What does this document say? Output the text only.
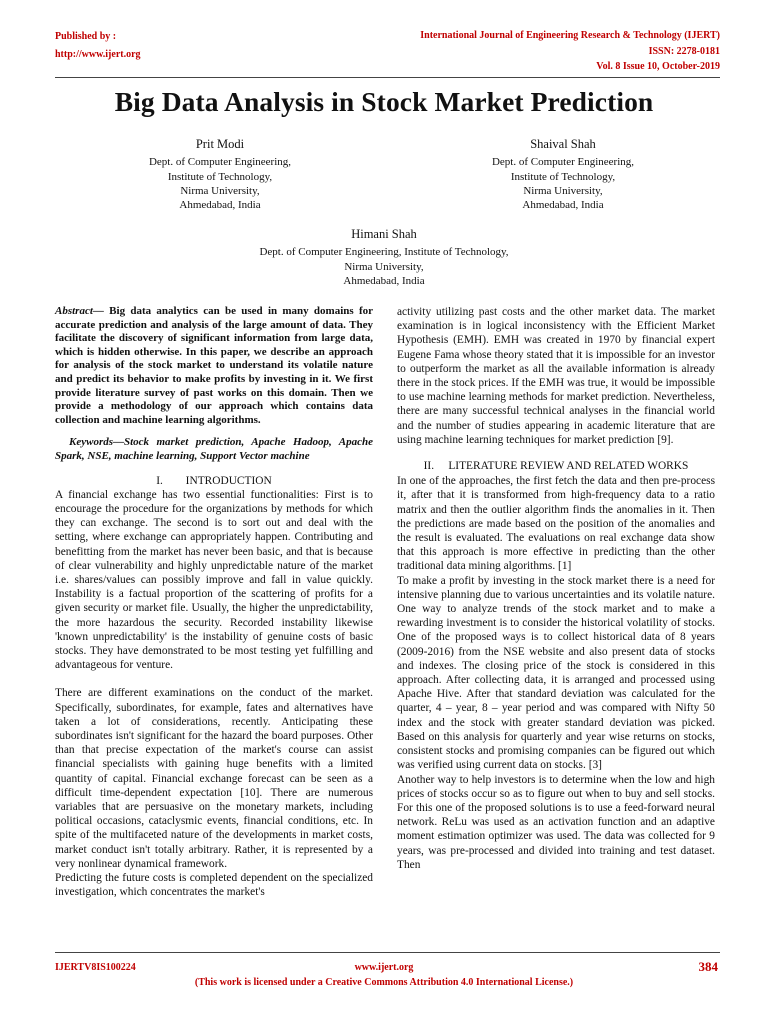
Published by :
http://www.ijert.org
International Journal of Engineering Research & Technology (IJERT)
ISSN: 2278-0181
Vol. 8 Issue 10, October-2019
Big Data Analysis in Stock Market Prediction
Prit Modi
Dept. of Computer Engineering,
Institute of Technology,
Nirma University,
Ahmedabad, India
Shaival Shah
Dept. of Computer Engineering,
Institute of Technology,
Nirma University,
Ahmedabad, India
Himani Shah
Dept. of Computer Engineering, Institute of Technology,
Nirma University,
Ahmedabad, India

Abstract— Big data analytics can be used in many domains for accurate prediction and analysis of the large amount of data. They facilitate the discovery of significant information from large data, which is hidden otherwise. In this paper, we describe an approach for analysis of the stock market to understand its volatile nature and predict its behavior to make profits by investing in it. We first provide literature survey of past works on this domain. Then we provide a methodology of our approach which contains data collection and machine learning algorithms.

Keywords—Stock market prediction, Apache Hadoop, Apache Spark, NSE, machine learning, Support Vector machine

I.        INTRODUCTION

A financial exchange has two essential functionalities: First is to encourage the procedure for the organizations by methods for which they can exchange. The second is to sort out and deal with the setting, where exchange can appropriately happen. Contributing and benefitting from the market has never been basic, and that is because of clear vulnerability and highly unpredictable nature of the market i.e. shares/values can possibly improve and fall in value quickly. Instability is a factual proportion of the scattering of profits for a given security or market file. Usually, the higher the unpredictability, the more hazardous the security. Recorded instability likewise 'known unpredictability' is the instability of genuine costs of basic stocks. They have demonstrated to be most testing yet fulfilling and advantageous for venture.

There are different examinations on the conduct of the market. Specifically, subordinates, for example, fates and alternatives have taken a lot of considerations, recently. Anticipating these subordinates isn't significant for the hazard the board purposes. Other than that precise expectation of the market's course can assist financial specialists with gaining huge benefits with a limited quantity of capital. Financial exchange forecast can be seen as a difficult time-dependent expectation [10]. There are numerous variables that are persuasive on the monetary markets, including political occasions, cataclysmic events, financial conditions, etc. In spite of the multifaceted nature of the developments in market costs, market conduct isn't totally arbitrary. Rather, it is represented by a very nonlinear dynamical framework.

Predicting the future costs is completed dependent on the specialized investigation, which concentrates the market's

activity utilizing past costs and the other market data. The market examination is in logical inconsistency with the Efficient Market Hypothesis (EMH). EMH was created in 1970 by financial expert Eugene Fama whose theory stated that it is impossible for an investor to outperform the market as all the available information is already there in the stock prices. If the EMH was true, it would be impossible to use machine learning methods for market prediction. Nevertheless, there are many successful technical analyses in the financial world and the number of studies appearing in academic literature that are using machine learning techniques for market prediction [9].

II.     LITERATURE REVIEW AND RELATED WORKS

In one of the approaches, the first fetch the data and then pre-process it, after that it is transformed from high-frequency data to a ratio matrix and then the outlier algorithm finds the anomalies in it. Then the predictions are made based on the position of the anomalies and the result is evaluated. The evaluations on real exchange data show that this approach is more effective in predicting than the other traditional data mining algorithms. [1]

To make a profit by investing in the stock market there is a need for intensive planning due to various uncertainties and its volatile nature. One way to analyze trends of the stock market and to make a rewarding investment is to consider the historical volatility of stocks. One of the proposed ways is to collect historical data of 8 years (2009-2016) from the NSE website and also present data of stocks and indexes. The closing price of the stock is considered in this approach. After collecting data, it is arranged and processed using Apache Hive. After that standard deviation was calculated for the quarter, 4 – year, 8 – year period and was compared with Nifty 50 index and the stock with greater standard deviation was picked. Based on this analysis for quarterly and year wise returns on stocks, consistent stocks and promising companies can be figured out which was verified using current data on stocks. [3]

Another way to help investors is to determine when the low and high prices of stocks occur so as to figure out when to buy and sell stocks. For this one of the proposed solutions is to use a feed-forward neural network. ReLu was used as an activation function and an adaptive moment estimation optimizer was used. The data was collected for 9 years, was pre-processed and divided into training and test dataset. Then

IJERTV8IS100224	www.ijert.org	384
(This work is licensed under a Creative Commons Attribution 4.0 International License.)
